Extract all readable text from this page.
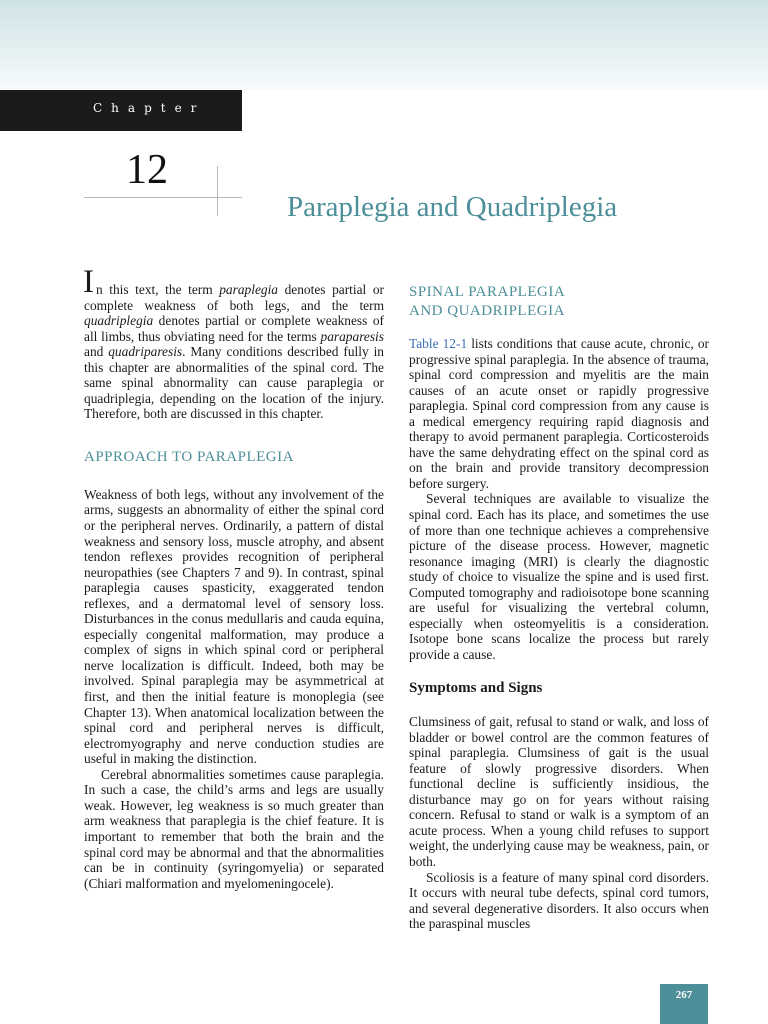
Chapter
12
Paraplegia and Quadriplegia

In this text, the term paraplegia denotes partial or complete weakness of both legs, and the term quadriplegia denotes partial or complete weakness of all limbs, thus obviating need for the terms paraparesis and quadriparesis. Many conditions described fully in this chapter are abnormalities of the spinal cord. The same spinal abnormality can cause paraplegia or quadriplegia, depending on the location of the injury. Therefore, both are discussed in this chapter.

APPROACH TO PARAPLEGIA

Weakness of both legs, without any involvement of the arms, suggests an abnormality of either the spinal cord or the peripheral nerves. Ordinarily, a pattern of distal weakness and sensory loss, muscle atrophy, and absent tendon reflexes provides recognition of peripheral neuropathies (see Chapters 7 and 9). In contrast, spinal paraplegia causes spasticity, exaggerated tendon reflexes, and a dermatomal level of sensory loss. Disturbances in the conus medullaris and cauda equina, especially congenital malformation, may produce a complex of signs in which spinal cord or peripheral nerve localization is difficult. Indeed, both may be involved. Spinal paraplegia may be asymmetrical at first, and then the initial feature is monoplegia (see Chapter 13). When anatomical localization between the spinal cord and peripheral nerves is difficult, electromyography and nerve conduction studies are useful in making the distinction.

Cerebral abnormalities sometimes cause paraplegia. In such a case, the child’s arms and legs are usually weak. However, leg weakness is so much greater than arm weakness that paraplegia is the chief feature. It is important to remember that both the brain and the spinal cord may be abnormal and that the abnormalities can be in continuity (syringomyelia) or separated (Chiari malformation and myelomeningocele).

SPINAL PARAPLEGIA
AND QUADRIPLEGIA

Table 12-1 lists conditions that cause acute, chronic, or progressive spinal paraplegia. In the absence of trauma, spinal cord compression and myelitis are the main causes of an acute onset or rapidly progressive paraplegia. Spinal cord compression from any cause is a medical emergency requiring rapid diagnosis and therapy to avoid permanent paraplegia. Corticosteroids have the same dehydrating effect on the spinal cord as on the brain and provide transitory decompression before surgery.

Several techniques are available to visualize the spinal cord. Each has its place, and sometimes the use of more than one technique achieves a comprehensive picture of the disease process. However, magnetic resonance imaging (MRI) is clearly the diagnostic study of choice to visualize the spine and is used first. Computed tomography and radioisotope bone scanning are useful for visualizing the vertebral column, especially when osteomyelitis is a consideration. Isotope bone scans localize the process but rarely provide a cause.

Symptoms and Signs

Clumsiness of gait, refusal to stand or walk, and loss of bladder or bowel control are the common features of spinal paraplegia. Clumsiness of gait is the usual feature of slowly progressive disorders. When functional decline is sufficiently insidious, the disturbance may go on for years without raising concern. Refusal to stand or walk is a symptom of an acute process. When a young child refuses to support weight, the underlying cause may be weakness, pain, or both.

Scoliosis is a feature of many spinal cord disorders. It occurs with neural tube defects, spinal cord tumors, and several degenerative disorders. It also occurs when the paraspinal muscles

267
